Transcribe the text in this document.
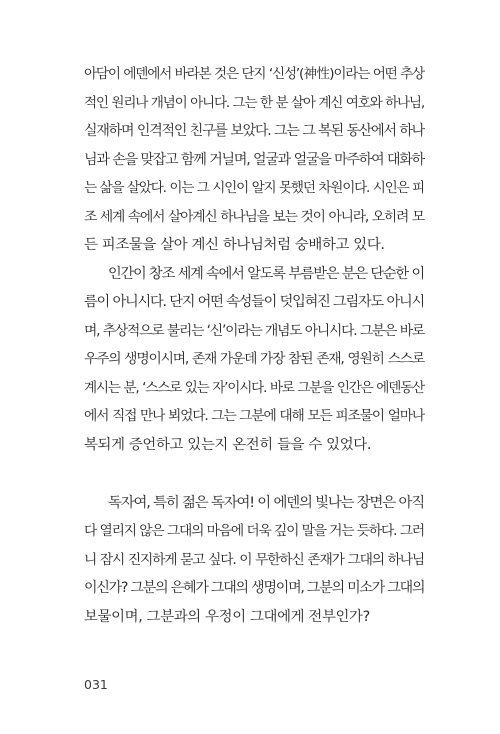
아담이 에덴에서 바라본 것은 단지 ‘신성’(神性)이라는 어떤 추상
적인 원리나 개념이 아니다. 그는 한 분 살아 계신 여호와 하나님,
실재하며 인격적인 친구를 보았다. 그는 그 복된 동산에서 하나
님과 손을 맞잡고 함께 거닐며, 얼굴과 얼굴을 마주하여 대화하
는 삶을 살았다. 이는 그 시인이 알지 못했던 차원이다. 시인은 피
조 세계 속에서 살아계신 하나님을 보는 것이 아니라, 오히려 모
든 피조물을 살아 계신 하나님처럼 숭배하고 있다.
인간이 창조 세계 속에서 알도록 부름받은 분은 단순한 이
름이 아니시다. 단지 어떤 속성들이 덧입혀진 그림자도 아니시
며, 추상적으로 불리는 ‘신’이라는 개념도 아니시다. 그분은 바로
우주의 생명이시며, 존재 가운데 가장 참된 존재, 영원히 스스로
계시는 분, ‘스스로 있는 자’이시다. 바로 그분을 인간은 에덴동산
에서 직접 만나 뵈었다. 그는 그분에 대해 모든 피조물이 얼마나
복되게 증언하고 있는지 온전히 들을 수 있었다.
독자여, 특히 젊은 독자여! 이 에덴의 빛나는 장면은 아직
다 열리지 않은 그대의 마음에 더욱 깊이 말을 거는 듯하다. 그러
니 잠시 진지하게 묻고 싶다. 이 무한하신 존재가 그대의 하나님
이신가? 그분의 은혜가 그대의 생명이며, 그분의 미소가 그대의
보물이며, 그분과의 우정이 그대에게 전부인가?
031
